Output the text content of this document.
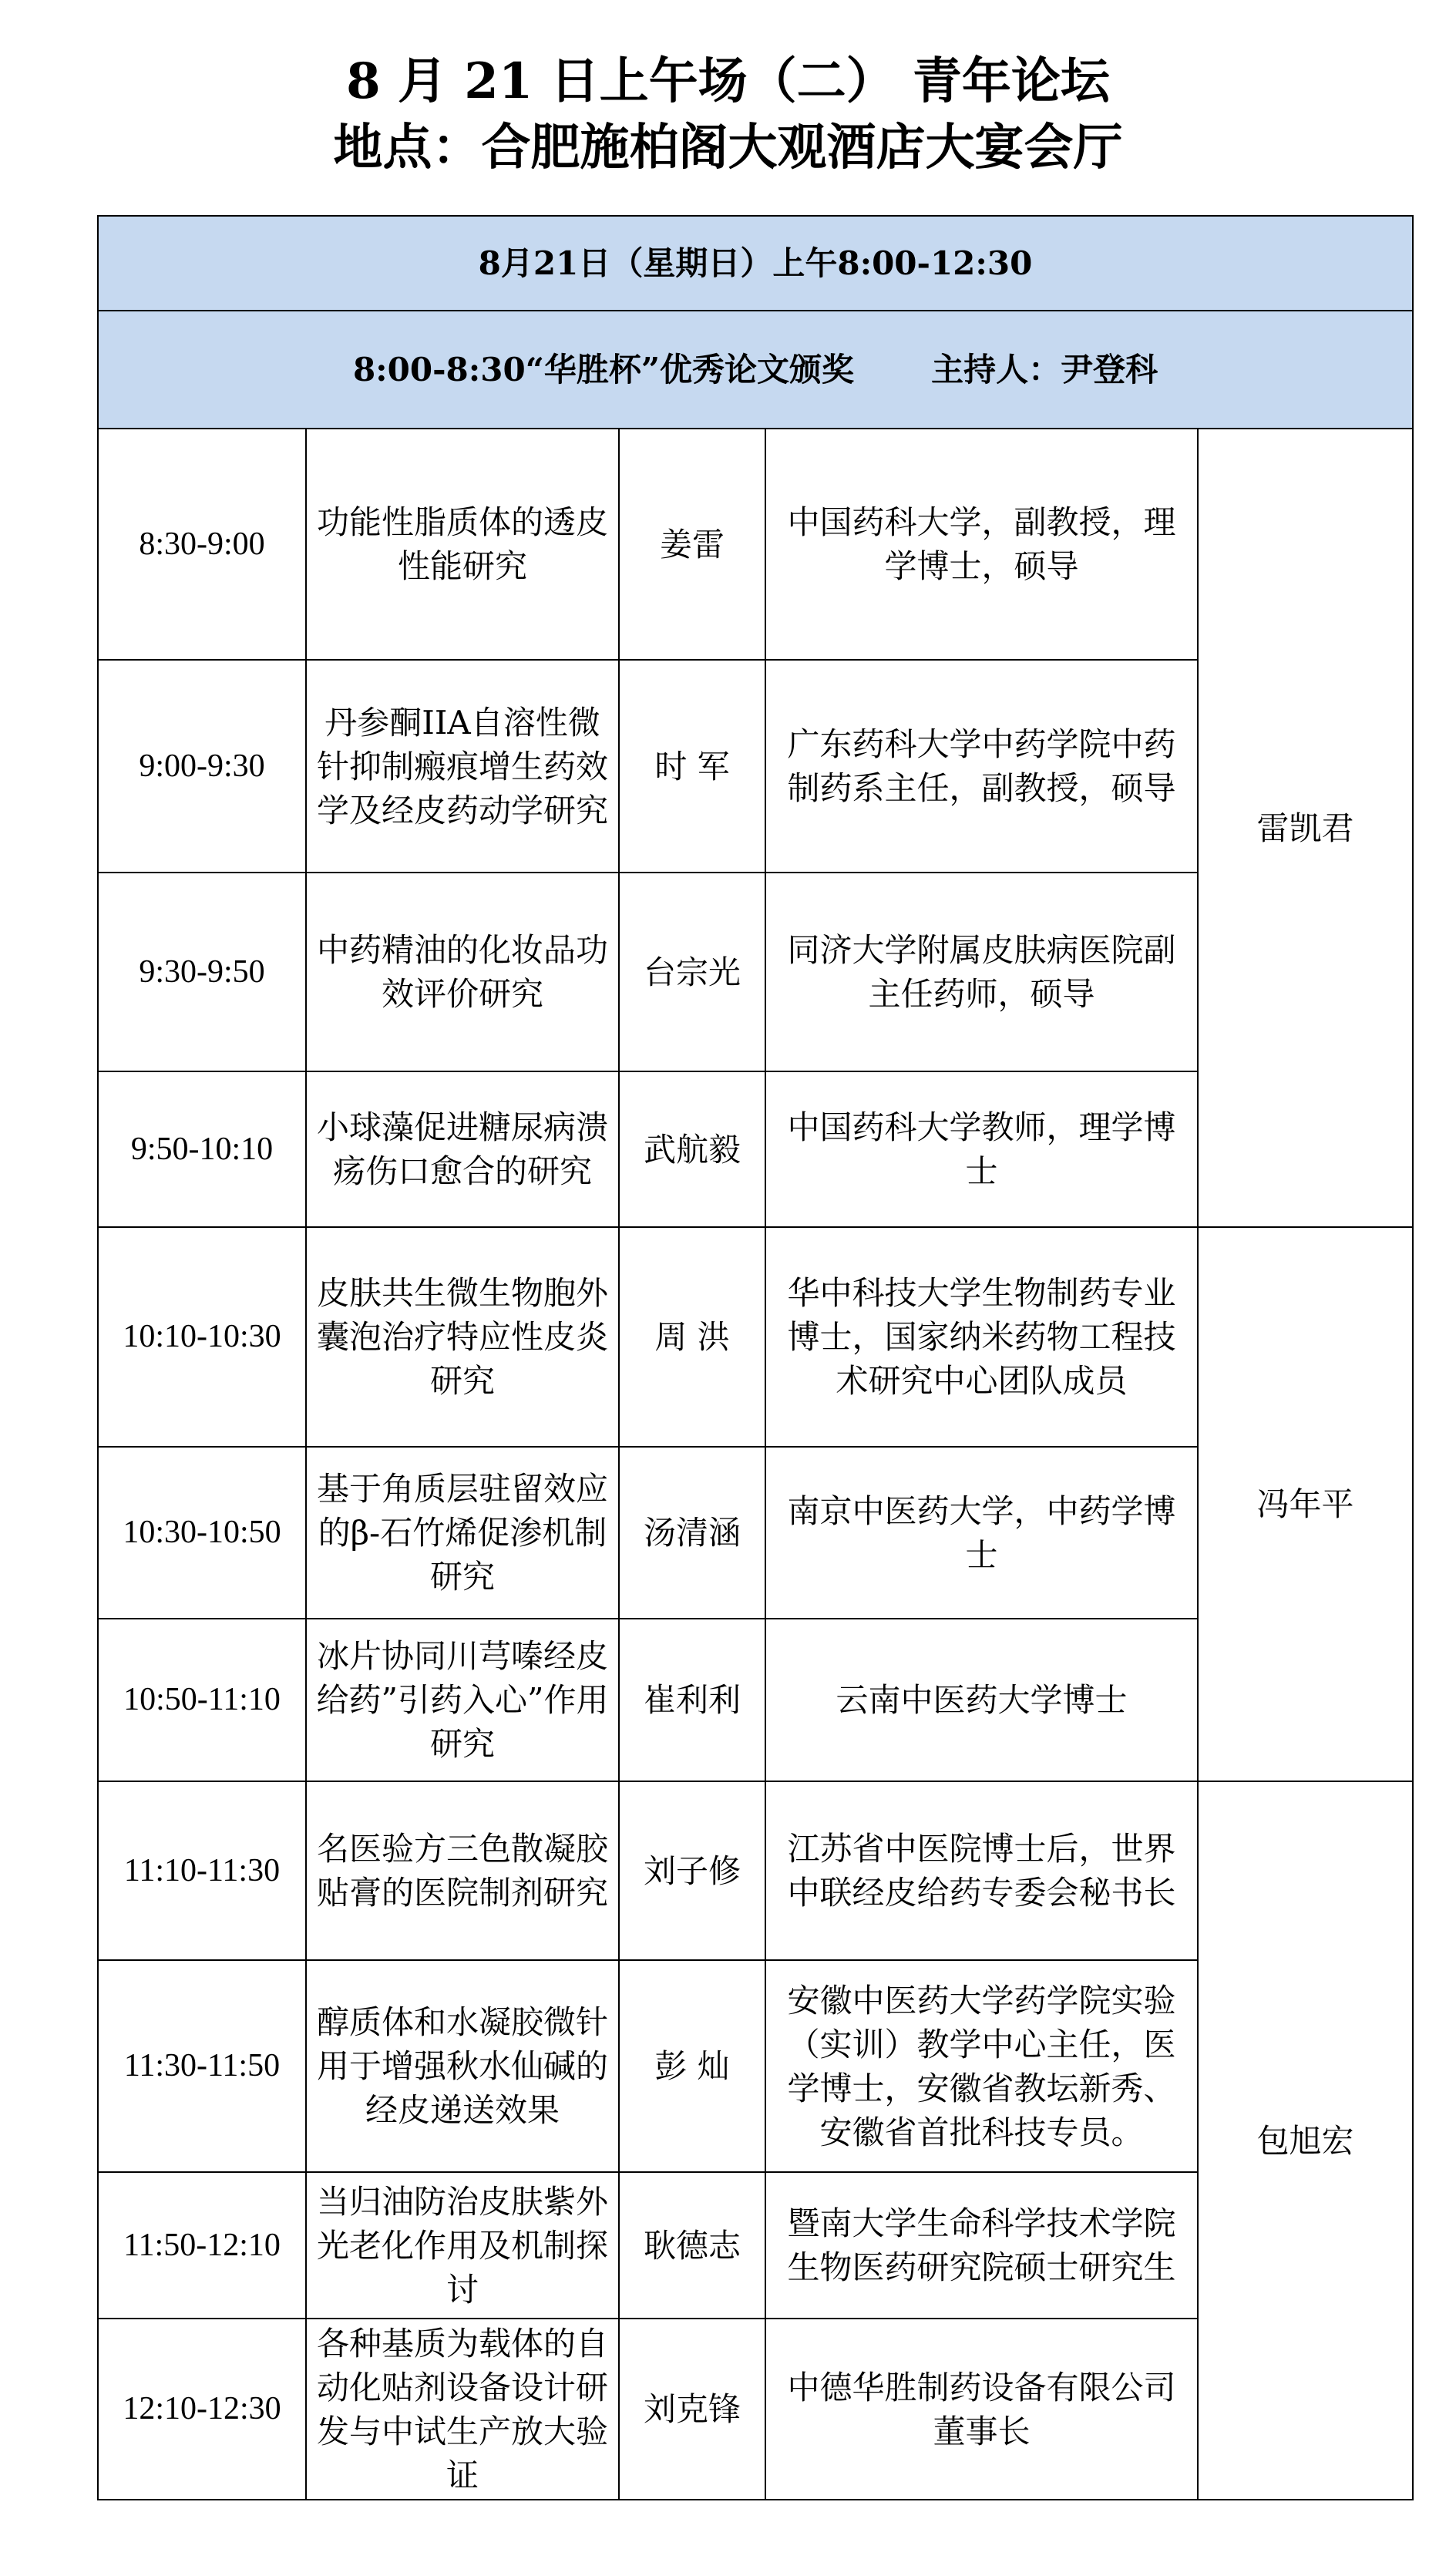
8 月 21 日上午场（二） 青年论坛
地点：合肥施柏阁大观酒店大宴会厅
8月21日（星期日）上午8:00-12:30				
8:00-8:30“华胜杯”优秀论文颁奖 主持人：尹登科				
8:30-9:00	功能性脂质体的透皮性能研究	姜雷	中国药科大学，副教授，理学博士，硕导	雷凯君
9:00-9:30	丹参酮IIA自溶性微针抑制瘢痕增生药效学及经皮药动学研究	时 军	广东药科大学中药学院中药制药系主任，副教授，硕导	
9:30-9:50	中药精油的化妆品功效评价研究	台宗光	同济大学附属皮肤病医院副主任药师，硕导	
9:50-10:10	小球藻促进糖尿病溃疡伤口愈合的研究	武航毅	中国药科大学教师，理学博士	
10:10-10:30	皮肤共生微生物胞外囊泡治疗特应性皮炎研究	周 洪	华中科技大学生物制药专业博士，国家纳米药物工程技术研究中心团队成员	冯年平
10:30-10:50	基于角质层驻留效应的β-石竹烯促渗机制研究	汤清涵	南京中医药大学，中药学博士	
10:50-11:10	冰片协同川芎嗪经皮给药”引药入心”作用研究	崔利利	云南中医药大学博士	
11:10-11:30	名医验方三色散凝胶贴膏的医院制剂研究	刘子修	江苏省中医院博士后，世界中联经皮给药专委会秘书长	包旭宏
11:30-11:50	醇质体和水凝胶微针用于增强秋水仙碱的经皮递送效果	彭 灿	安徽中医药大学药学院实验（实训）教学中心主任，医学博士，安徽省教坛新秀、安徽省首批科技专员。	
11:50-12:10	当归油防治皮肤紫外光老化作用及机制探讨	耿德志	暨南大学生命科学技术学院生物医药研究院硕士研究生	
12:10-12:30	各种基质为载体的自动化贴剂设备设计研发与中试生产放大验证	刘克锋	中德华胜制药设备有限公司董事长	
